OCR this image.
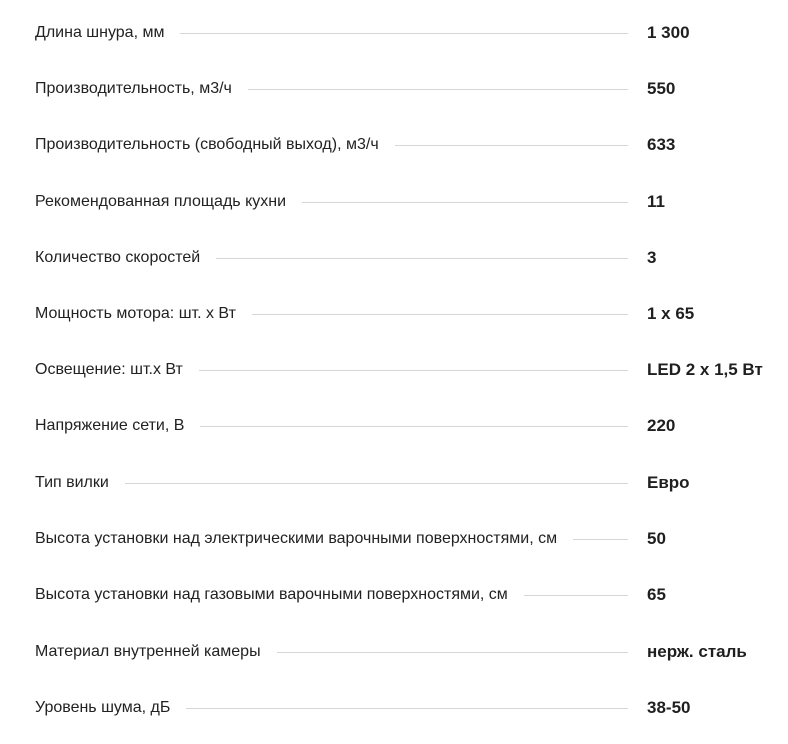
Длина шнура, мм	1 300
Производительность, м3/ч	550
Производительность (свободный выход), м3/ч	633
Рекомендованная площадь кухни	11
Количество скоростей	3
Мощность мотора: шт. х Вт	1 х 65
Освещение: шт.х Вт	LED 2 х 1,5 Вт
Напряжение сети, В	220
Тип вилки	Евро
Высота установки над электрическими варочными поверхностями, см	50
Высота установки над газовыми варочными поверхностями, см	65
Материал внутренней камеры	нерж. сталь
Уровень шума, дБ	38-50
